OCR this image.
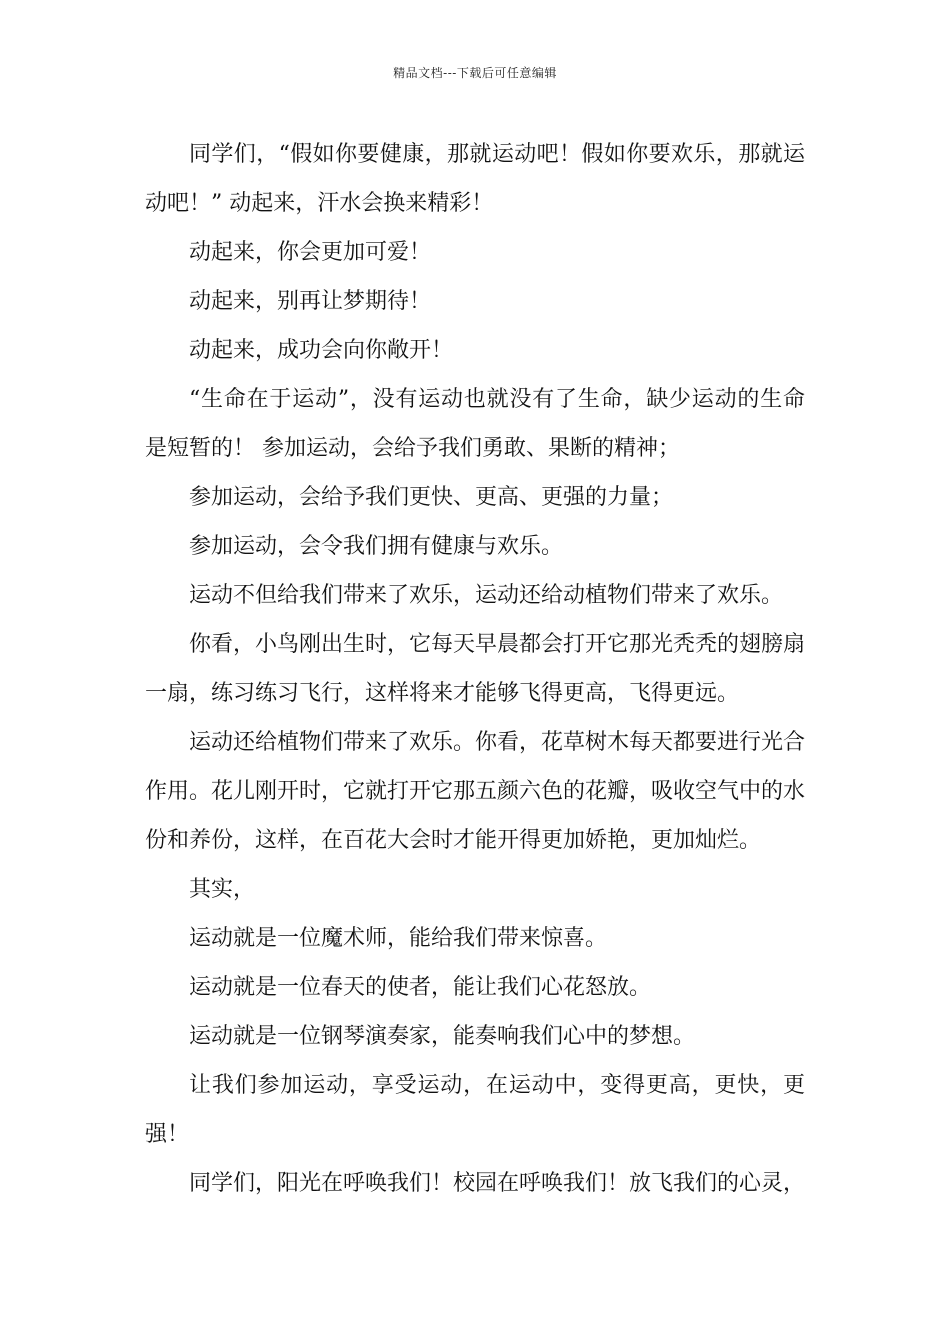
精品文档---下载后可任意编辑

同学们，“假如你要健康，那就运动吧！假如你要欢乐，那就运动吧！” 动起来，汗水会换来精彩！

动起来，你会更加可爱！

动起来，别再让梦期待！

动起来，成功会向你敞开！

“生命在于运动”，没有运动也就没有了生命，缺少运动的生命是短暂的！ 参加运动，会给予我们勇敢、果断的精神；

参加运动，会给予我们更快、更高、更强的力量；

参加运动，会令我们拥有健康与欢乐。

运动不但给我们带来了欢乐，运动还给动植物们带来了欢乐。

你看，小鸟刚出生时，它每天早晨都会打开它那光秃秃的翅膀扇一扇，练习练习飞行，这样将来才能够飞得更高，飞得更远。

运动还给植物们带来了欢乐。你看，花草树木每天都要进行光合作用。花儿刚开时，它就打开它那五颜六色的花瓣，吸收空气中的水份和养份，这样，在百花大会时才能开得更加娇艳，更加灿烂。

其实，

运动就是一位魔术师，能给我们带来惊喜。

运动就是一位春天的使者，能让我们心花怒放。

运动就是一位钢琴演奏家，能奏响我们心中的梦想。

让我们参加运动，享受运动，在运动中，变得更高，更快，更强！

同学们，阳光在呼唤我们！校园在呼唤我们！放飞我们的心灵，
